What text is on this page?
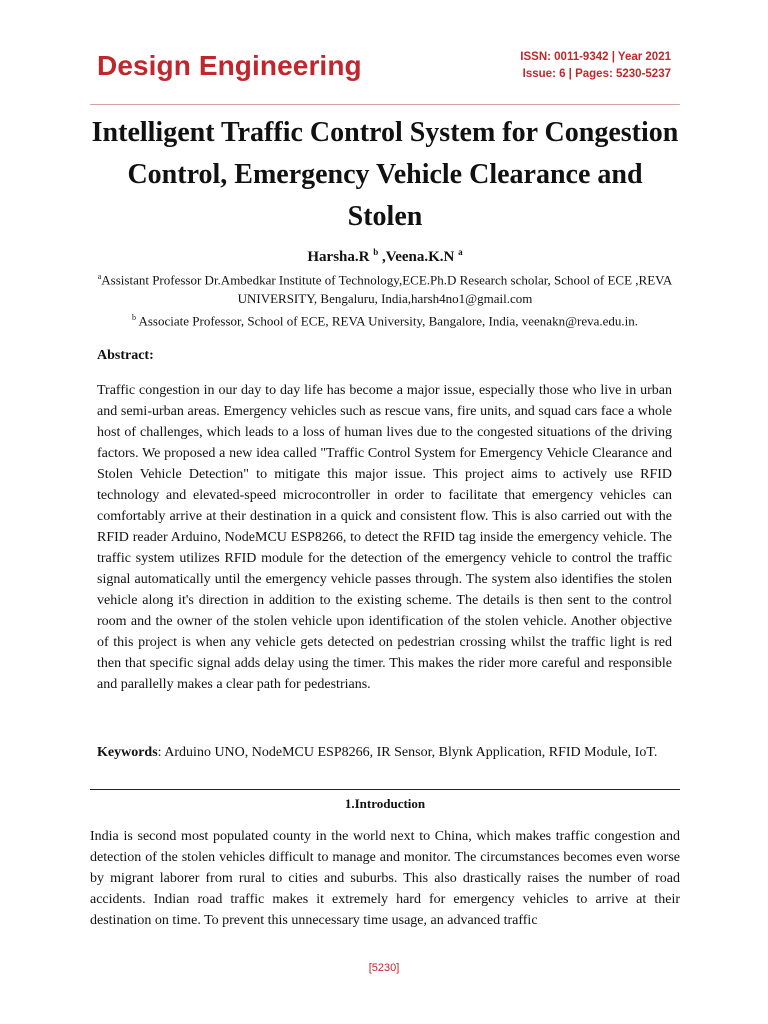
Design Engineering	ISSN: 0011-9342 | Year 2021
Issue: 6 | Pages: 5230-5237
Intelligent Traffic Control System for Congestion Control, Emergency Vehicle Clearance and Stolen
Harsha.R $^b$ ,Veena.K.N $^a$

$^a$Assistant Professor Dr.Ambedkar Institute of Technology,ECE.Ph.D Research scholar, School of ECE ,REVA UNIVERSITY, Bengaluru, India,harsh4no1@gmail.com

$^b$ Associate Professor, School of ECE, REVA University, Bangalore, India, veenakn@reva.edu.in.

Abstract:

Traffic congestion in our day to day life has become a major issue, especially those who live in urban and semi-urban areas. Emergency vehicles such as rescue vans, fire units, and squad cars face a whole host of challenges, which leads to a loss of human lives due to the congested situations of the driving factors. We proposed a new idea called "Traffic Control System for Emergency Vehicle Clearance and Stolen Vehicle Detection" to mitigate this major issue. This project aims to actively use RFID technology and elevated-speed microcontroller in order to facilitate that emergency vehicles can comfortably arrive at their destination in a quick and consistent flow. This is also carried out with the RFID reader Arduino, NodeMCU ESP8266, to detect the RFID tag inside the emergency vehicle. The traffic system utilizes RFID module for the detection of the emergency vehicle to control the traffic signal automatically until the emergency vehicle passes through. The system also identifies the stolen vehicle along it's direction in addition to the existing scheme. The details is then sent to the control room and the owner of the stolen vehicle upon identification of the stolen vehicle. Another objective of this project is when any vehicle gets detected on pedestrian crossing whilst the traffic light is red then that specific signal adds delay using the timer. This makes the rider more careful and responsible and parallelly makes a clear path for pedestrians.

Keywords: Arduino UNO, NodeMCU ESP8266, IR Sensor, Blynk Application, RFID Module, IoT.

1.Introduction

India is second most populated county in the world next to China, which makes traffic congestion and detection of the stolen vehicles difficult to manage and monitor. The circumstances becomes even worse by migrant laborer from rural to cities and suburbs. This also drastically raises the number of road accidents. Indian road traffic makes it extremely hard for emergency vehicles to arrive at their destination on time. To prevent this unnecessary time usage, an advanced traffic

[5230]
